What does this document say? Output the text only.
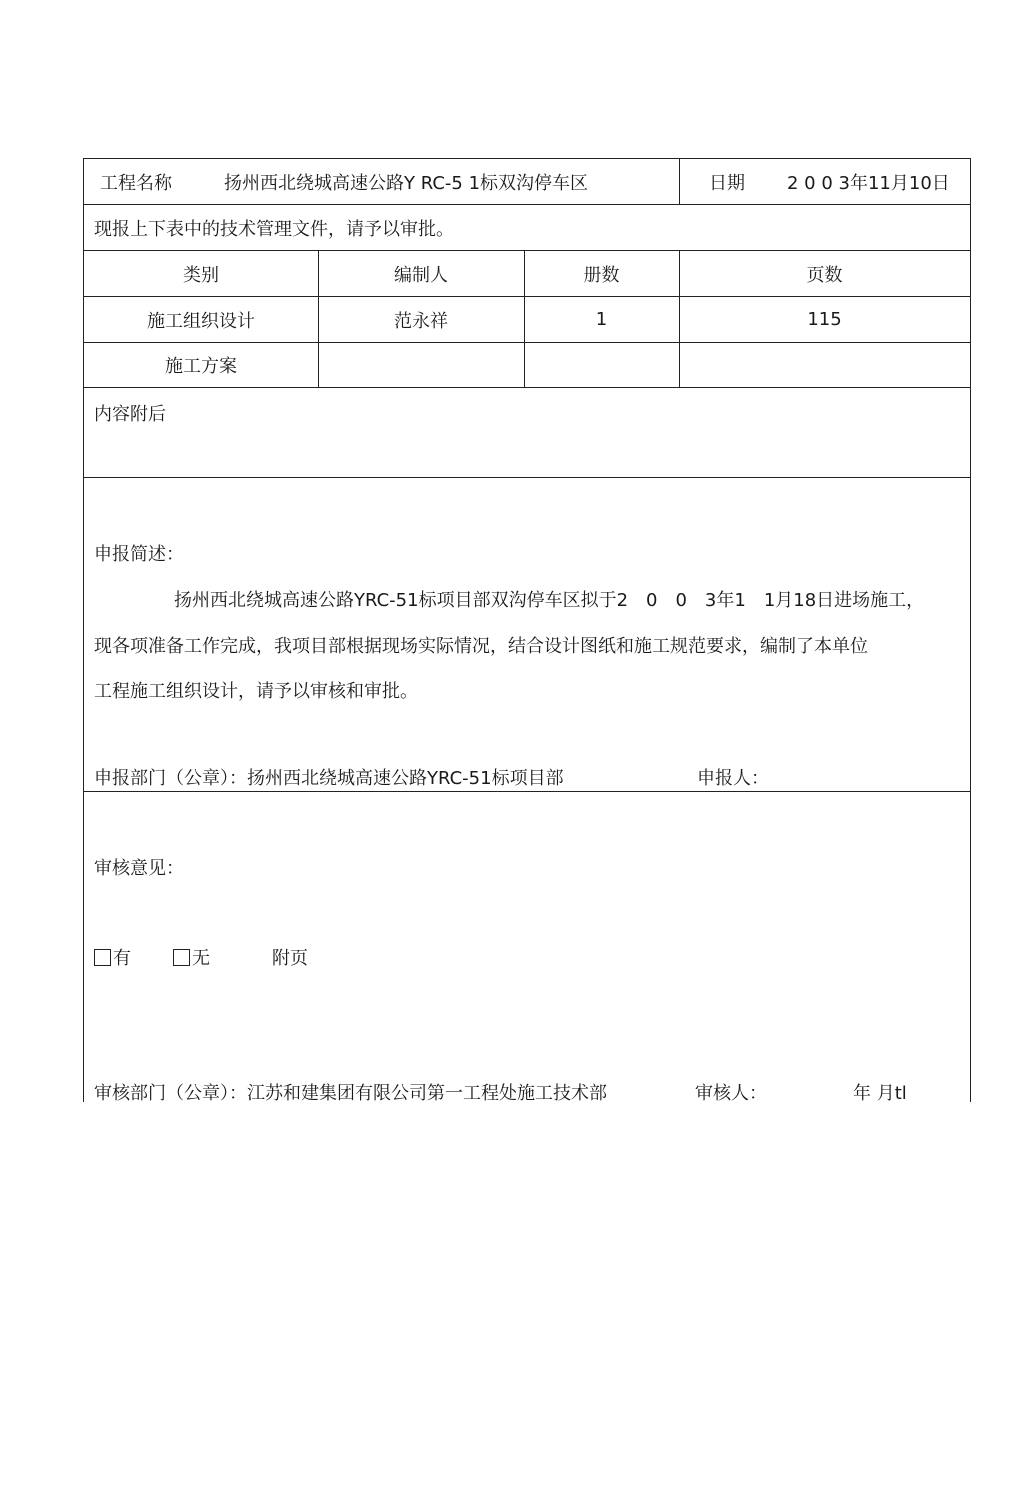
工程名称	扬州西北绕城高速公路Y RC-5 1标双沟停车区	日期	2 0 0 3年11月10日
现报上下表中的技术管理文件，请予以审批。
类别	编制人	册数	页数
施工组织设计	范永祥	1	115
施工方案
内容附后
申报简述：
扬州西北绕城高速公路YRC-51标项目部双沟停车区拟于2　0　0　3年1　1月18日进场施工，
现各项准备工作完成，我项目部根据现场实际情况，结合设计图纸和施工规范要求，编制了本单位
工程施工组织设计，请予以审核和审批。
申报部门（公章）：扬州西北绕城高速公路YRC-51标项目部	申报人：
审核意见：
有	无	附页
审核部门（公章）：江苏和建集团有限公司第一工程处施工技术部	审核人：	年 月tl
